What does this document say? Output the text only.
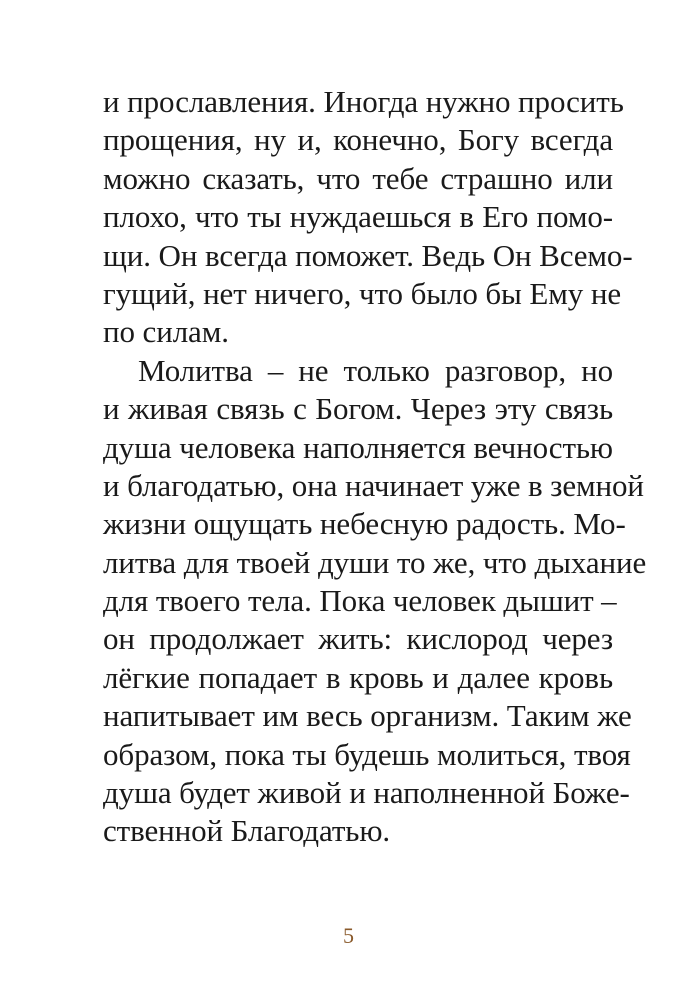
и прославления. Иногда нужно просить
прощения, ну и, конечно, Богу всегда
можно сказать, что тебе страшно или
плохо, что ты нуждаешься в Его помо-
щи. Он всегда поможет. Ведь Он Всемо-
гущий, нет ничего, что было бы Ему не
по силам.
Молитва – не только разговор, но
и живая связь с Богом. Через эту связь
душа человека наполняется вечностью
и благодатью, она начинает уже в земной
жизни ощущать небесную радость. Мо-
литва для твоей души то же, что дыхание
для твоего тела. Пока человек дышит –
он продолжает жить: кислород через
лёгкие попадает в кровь и далее кровь
напитывает им весь организм. Таким же
образом, пока ты будешь молиться, твоя
душа будет живой и наполненной Боже-
ственной Благодатью.
5
